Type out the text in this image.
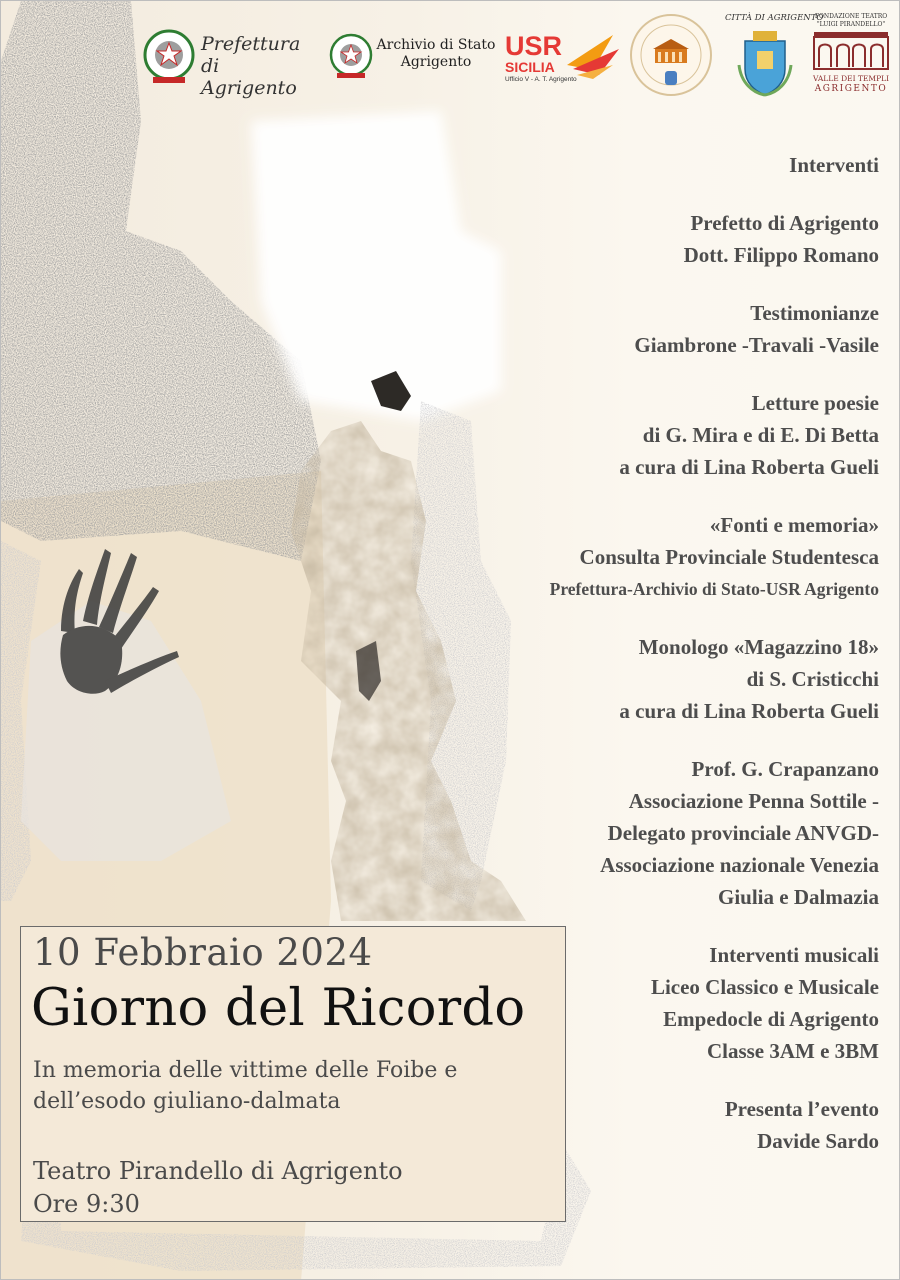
Prefettura di Agrigento
Archivio di Stato
Agrigento
USR
SICILIA
Ufficio V - A. T. Agrigento
CITTÀ DI AGRIGENTO
FONDAZIONE TEATRO
"LUIGI PIRANDELLO"
VALLE DEI TEMPLI
AGRIGENTO
Interventi
Prefetto di Agrigento
Dott. Filippo Romano
Testimonianze
Giambrone -Travali -Vasile
Letture poesie
di G. Mira e di E. Di Betta
a cura di Lina Roberta Gueli
«Fonti e memoria»
Consulta Provinciale Studentesca
Prefettura-Archivio di Stato-USR Agrigento
Monologo «Magazzino 18»
di S. Cristicchi
a cura di Lina Roberta Gueli
Prof. G. Crapanzano
Associazione Penna Sottile -
Delegato provinciale ANVGD-
Associazione nazionale Venezia
Giulia e Dalmazia
Interventi musicali
Liceo Classico e Musicale
Empedocle di Agrigento
Classe 3AM e 3BM
Presenta l’evento
Davide Sardo
10 Febbraio 2024
Giorno del Ricordo
In memoria delle vittime delle Foibe e
dell’esodo giuliano-dalmata
Teatro Pirandello di Agrigento
Ore 9:30
